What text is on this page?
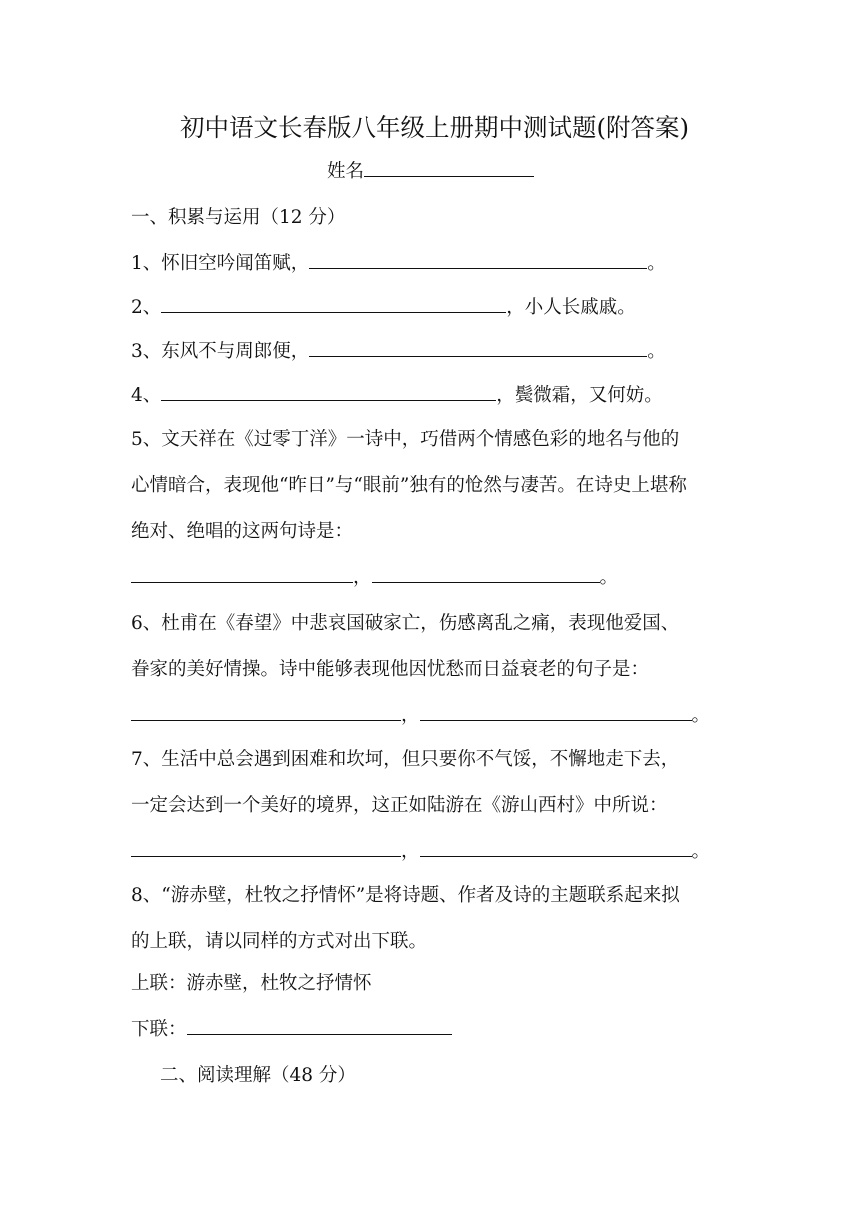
初中语文长春版八年级上册期中测试题(附答案)
姓名
一、积累与运用（12 分）
1、怀旧空吟闻笛赋，	。
2、	，小人长戚戚。
3、东风不与周郎便，	。
4、	，鬓微霜，又何妨。
5、文天祥在《过零丁洋》一诗中，巧借两个情感色彩的地名与他的
心情暗合，表现他“昨日”与“眼前”独有的怆然与凄苦。在诗史上堪称
绝对、绝唱的这两句诗是：
，	。
6、杜甫在《春望》中悲哀国破家亡，伤感离乱之痛，表现他爱国、
眷家的美好情操。诗中能够表现他因忧愁而日益衰老的句子是：
，	。
7、生活中总会遇到困难和坎坷，但只要你不气馁，不懈地走下去，
一定会达到一个美好的境界，这正如陆游在《游山西村》中所说：
，	。
8、“游赤壁，杜牧之抒情怀”是将诗题、作者及诗的主题联系起来拟
的上联，请以同样的方式对出下联。
上联：游赤壁，杜牧之抒情怀
下联：
二、阅读理解（48 分）
